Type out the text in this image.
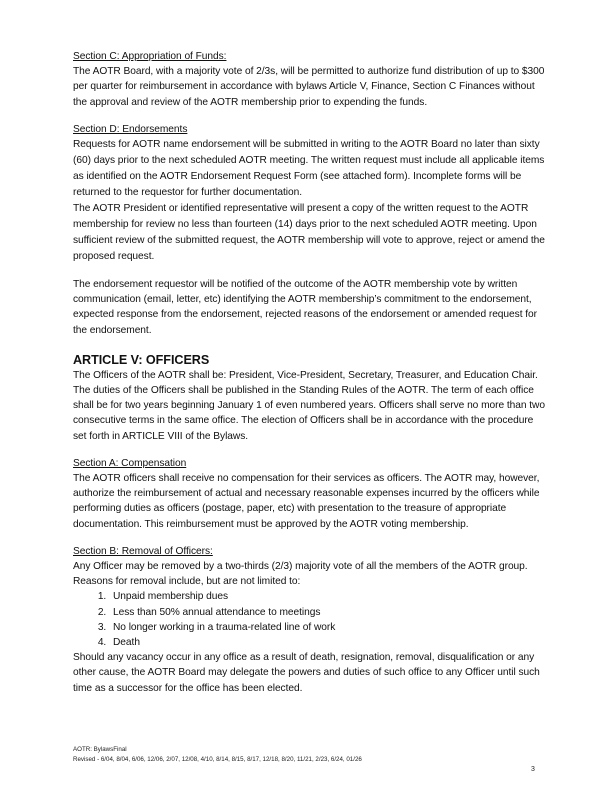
Section C: Appropriation of Funds:

The AOTR Board, with a majority vote of 2/3s, will be permitted to authorize fund distribution of up to $300 per quarter for reimbursement in accordance with bylaws Article V, Finance, Section C Finances without the approval and review of the AOTR membership prior to expending the funds.

Section D: Endorsements

Requests for AOTR name endorsement will be submitted in writing to the AOTR Board no later than sixty (60) days prior to the next scheduled AOTR meeting. The written request must include all applicable items as identified on the AOTR Endorsement Request Form (see attached form). Incomplete forms will be returned to the requestor for further documentation.

The AOTR President or identified representative will present a copy of the written request to the AOTR membership for review no less than fourteen (14) days prior to the next scheduled AOTR meeting. Upon sufficient review of the submitted request, the AOTR membership will vote to approve, reject or amend the proposed request.

The endorsement requestor will be notified of the outcome of the AOTR membership vote by written communication (email, letter, etc) identifying the AOTR membership’s commitment to the endorsement, expected response from the endorsement, rejected reasons of the endorsement or amended request for the endorsement.

ARTICLE V: OFFICERS

The Officers of the AOTR shall be: President, Vice-President, Secretary, Treasurer, and Education Chair. The duties of the Officers shall be published in the Standing Rules of the AOTR. The term of each office shall be for two years beginning January 1 of even numbered years. Officers shall serve no more than two consecutive terms in the same office. The election of Officers shall be in accordance with the procedure set forth in ARTICLE VIII of the Bylaws.

Section A: Compensation

The AOTR officers shall receive no compensation for their services as officers. The AOTR may, however, authorize the reimbursement of actual and necessary reasonable expenses incurred by the officers while performing duties as officers (postage, paper, etc) with presentation to the treasure of appropriate documentation. This reimbursement must be approved by the AOTR voting membership.

Section B: Removal of Officers:

Any Officer may be removed by a two-thirds (2/3) majority vote of all the members of the AOTR group. Reasons for removal include, but are not limited to:

1. Unpaid membership dues
2. Less than 50% annual attendance to meetings
3. No longer working in a trauma-related line of work
4. Death

Should any vacancy occur in any office as a result of death, resignation, removal, disqualification or any other cause, the AOTR Board may delegate the powers and duties of such office to any Officer until such time as a successor for the office has been elected.

AOTR: BylawsFinal

Revised - 6/04, 8/04, 6/06, 12/06, 2/07, 12/08, 4/10, 8/14, 8/15, 8/17, 12/18, 8/20, 11/21, 2/23, 6/24, 01/26

3
